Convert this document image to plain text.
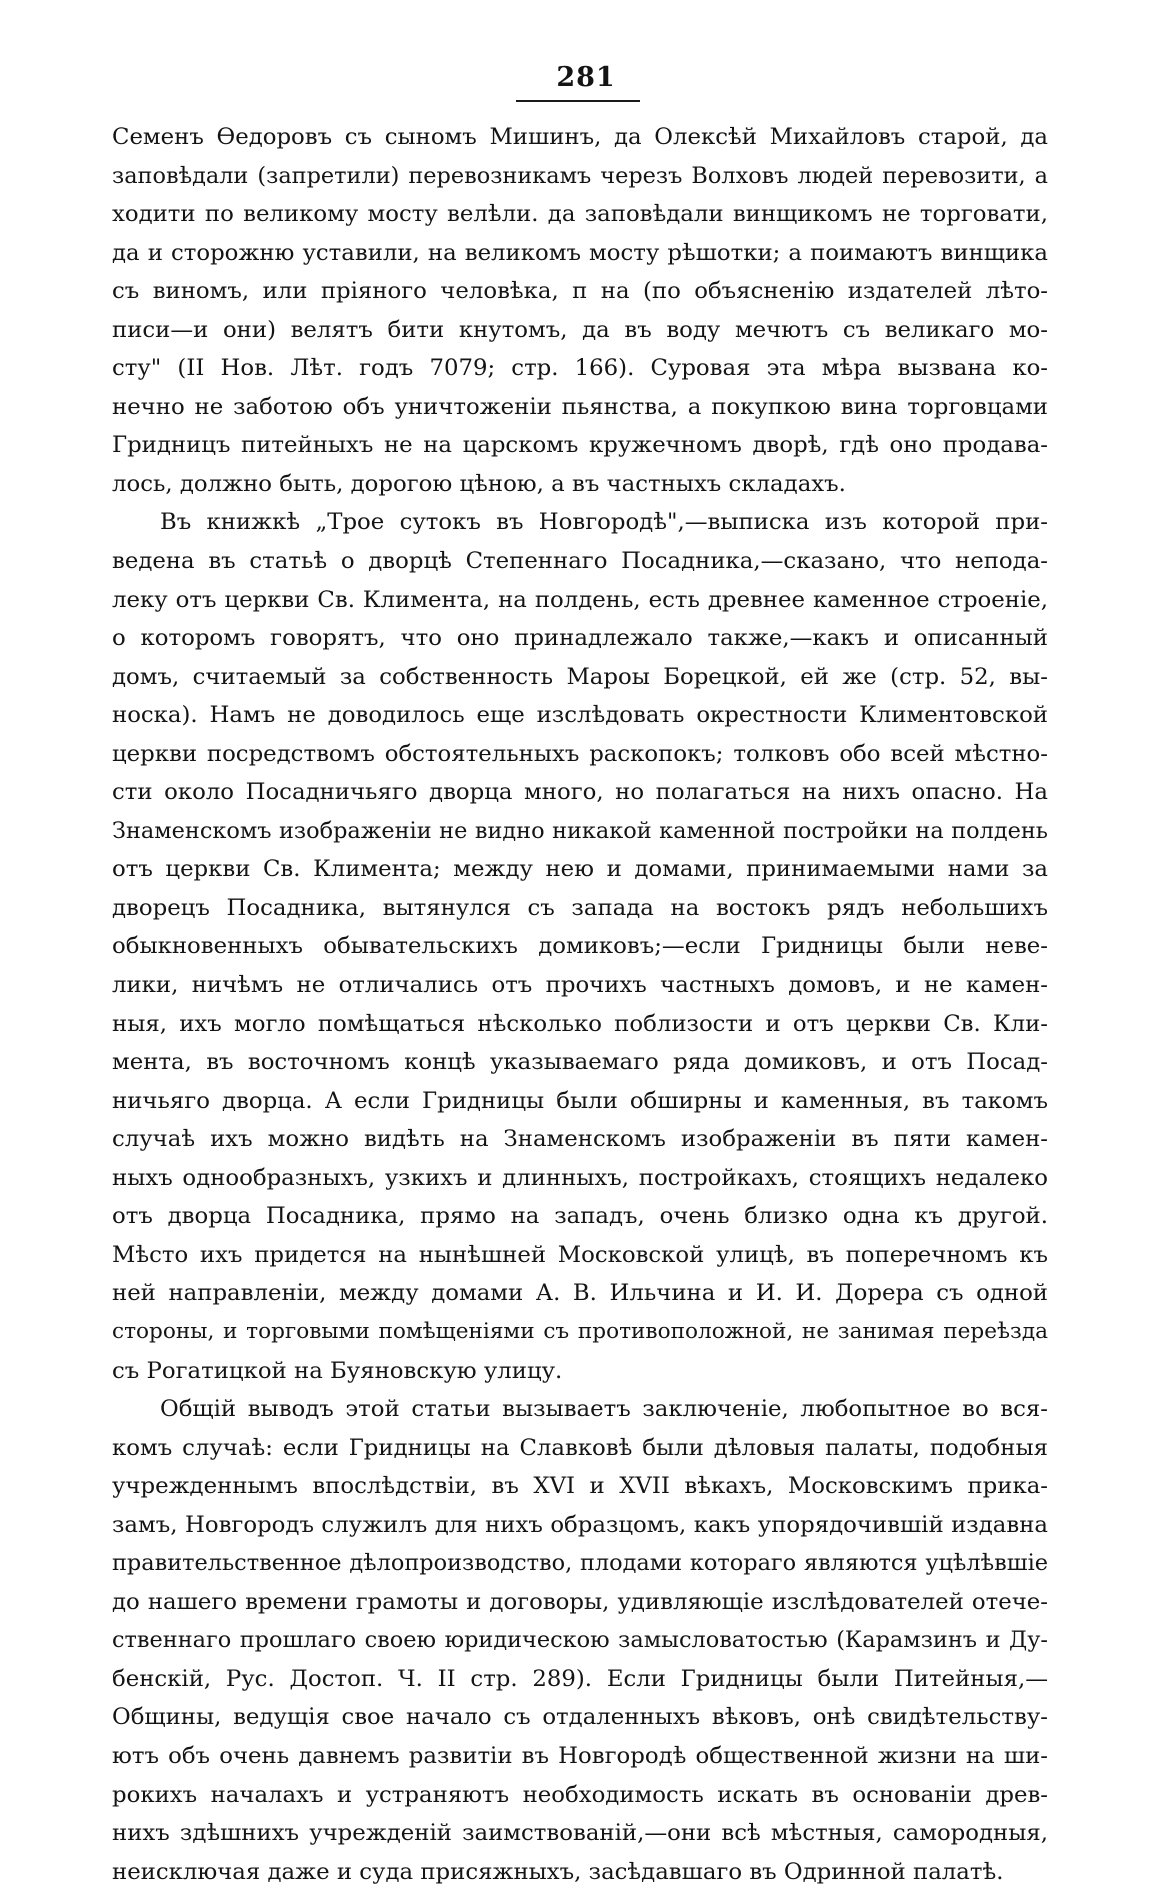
281
Семенъ Өедоровъ съ сыномъ Мишинъ, да Олексѣй Михайловъ старой, да
заповѣдали (запретили) перевозникамъ черезъ Волховъ людей перевозити, а
ходити по великому мосту велѣли. да заповѣдали винщикомъ не торговати,
да и сторожню уставили, на великомъ мосту рѣшотки; а поимаютъ винщика
съ виномъ, или пріяного человѣка, п на (по объясненію издателей лѣто-
писи—и они) велятъ бити кнутомъ, да въ воду мечютъ съ великаго мо-
сту" (II Нов. Лѣт. годъ 7079; стр. 166). Суровая эта мѣра вызвана ко-
нечно не заботою объ уничтоженіи пьянства, а покупкою вина торговцами
Гридницъ питейныхъ не на царскомъ кружечномъ дворѣ, гдѣ оно продава-
лось, должно быть, дорогою цѣною, а въ частныхъ складахъ.
Въ книжкѣ „Трое сутокъ въ Новгородѣ",—выписка изъ которой при-
ведена въ статьѣ о дворцѣ Степеннаго Посадника,—сказано, что непода-
леку отъ церкви Св. Климента, на полдень, есть древнее каменное строеніе,
о которомъ говорятъ, что оно принадлежало также,—какъ и описанный
домъ, считаемый за собственность Мароы Борецкой, ей же (стр. 52, вы-
носка). Намъ не доводилось еще изслѣдовать окрестности Климентовской
церкви посредствомъ обстоятельныхъ раскопокъ; толковъ обо всей мѣстно-
сти около Посадничьяго дворца много, но полагаться на нихъ опасно. На
Знаменскомъ изображеніи не видно никакой каменной постройки на полдень
отъ церкви Св. Климента; между нею и домами, принимаемыми нами за
дворецъ Посадника, вытянулся съ запада на востокъ рядъ небольшихъ
обыкновенныхъ обывательскихъ домиковъ;—если Гридницы были невe-
лики, ничѣмъ не отличались отъ прочихъ частныхъ домовъ, и не камен-
ныя, ихъ могло помѣщаться нѣсколько поблизости и отъ церкви Св. Кли-
мента, въ восточномъ концѣ указываемаго ряда домиковъ, и отъ Посад-
ничьяго дворца. А если Гридницы были обширны и каменныя, въ такомъ
случаѣ ихъ можно видѣть на Знаменскомъ изображеніи въ пяти камен-
ныхъ однообразныхъ, узкихъ и длинныхъ, постройкахъ, стоящихъ недалеко
отъ дворца Посадника, прямо на западъ, очень близко одна къ другой.
Мѣсто ихъ придется на нынѣшней Московской улицѣ, въ поперечномъ къ
ней направленіи, между домами А. В. Ильчина и И. И. Дорера съ одной
стороны, и торговыми помѣщеніями съ противоположной, не занимая переѣзда
съ Рогатицкой на Буяновскую улицу.
Общій выводъ этой статьи вызываетъ заключеніе, любопытное во вся-
комъ случаѣ: если Гридницы на Славковѣ были дѣловыя палаты, подобныя
учрежденнымъ впослѣдствіи, въ XVI и XVII вѣкахъ, Московскимъ прика-
замъ, Новгородъ служилъ для нихъ образцомъ, какъ упорядочившій издавна
правительственное дѣлопроизводство, плодами котораго являются уцѣлѣвшіе
до нашего времени грамоты и договоры, удивляющіе изслѣдователей отече-
ственнаго прошлаго своею юридическою замысловатостью (Карамзинъ и Ду-
бенскій, Рус. Достоп. Ч. II стр. 289). Если Гридницы были Питейныя,—
Общины, ведущія свое начало съ отдаленныхъ вѣковъ, онѣ свидѣтельству-
ютъ объ очень давнемъ развитіи въ Новгородѣ общественной жизни на ши-
рокихъ началахъ и устраняютъ необходимость искать въ основаніи древ-
нихъ здѣшнихъ учрежденій заимствованій,—они всѣ мѣстныя, самородныя,
неисключая даже и суда присяжныхъ, засѣдавшаго въ Одринной палатѣ.
